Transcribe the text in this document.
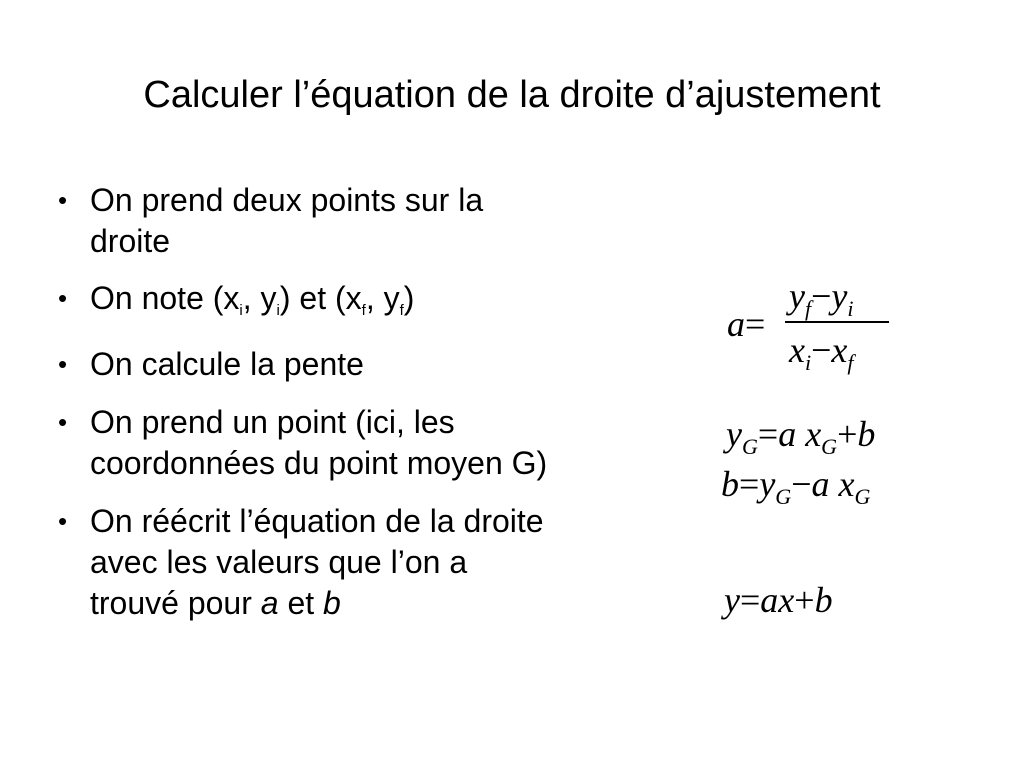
Calculer l’équation de la droite d’ajustement
• On prend deux points sur la
droite
• On note ($x_i$, $y_i$) et ($x_f$, $y_f$)
• On calcule la pente
• On prend un point (ici, les
coordonnées du point moyen G)
• On réécrit l’équation de la droite
avec les valeurs que l’on a
trouvé pour a et b
a=
$y_f-y_i$
$x_i-x_f$
$y_G=a$ $x_G+b$
$b=y_G-a$ $x_G$
y=ax+b
